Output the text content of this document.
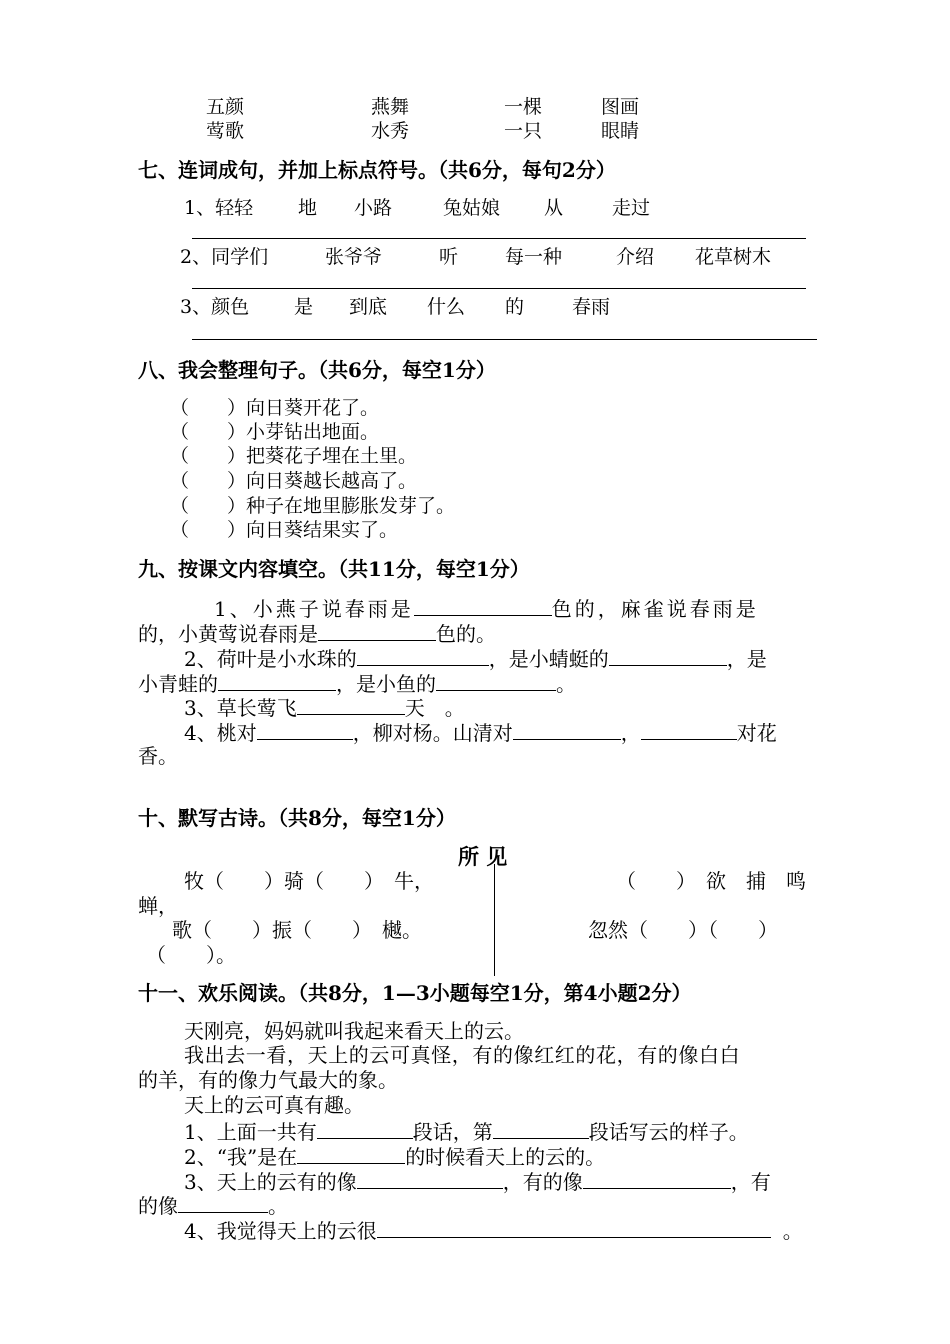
五颜	燕舞	一棵	图画
莺歌	水秀	一只	眼睛
七、连词成句，并加上标点符号。（共6分，每句2分）
1、轻轻 地 小路	兔姑娘 从	走过
2、同学们	张爷爷	听 每一种	介绍 花草树木
3、颜色 是 到底 什么 的	春雨
八、我会整理句子。（共6分，每空1分）
（　　）向日葵开花了。
（　　）小芽钻出地面。
（　　）把葵花子埋在土里。
（　　）向日葵越长越高了。
（　　）种子在地里膨胀发芽了。
（　　）向日葵结果实了。
九、按课文内容填空。（共11分，每空1分）
1、小燕子说春雨是	色的，麻雀说春雨是
的，小黄莺说春雨是	色的。
2、荷叶是小水珠的	，是小蜻蜓的	，是
小青蛙的	，是小鱼的	。
3、草长莺飞	天　。
4、桃对	，柳对杨。山清对	，	对花
香。
十、默写古诗。（共8分，每空1分）
所 见
牧（　　）骑（　　）　牛，	（　　）　欲　捕　鸣
蝉，
歌（　　）振（　　）　樾。	忽然（　　）（　　）
（　　）。
十一、欢乐阅读。（共8分，1—3小题每空1分，第4小题2分）
天刚亮，妈妈就叫我起来看天上的云。
我出去一看，天上的云可真怪，有的像红红的花，有的像白白
的羊，有的像力气最大的象。
天上的云可真有趣。
1、上面一共有	段话，第	段话写云的样子。
2、“我”是在	的时候看天上的云的。
3、天上的云有的像	，有的像	，有
的像	。
4、我觉得天上的云很	。
